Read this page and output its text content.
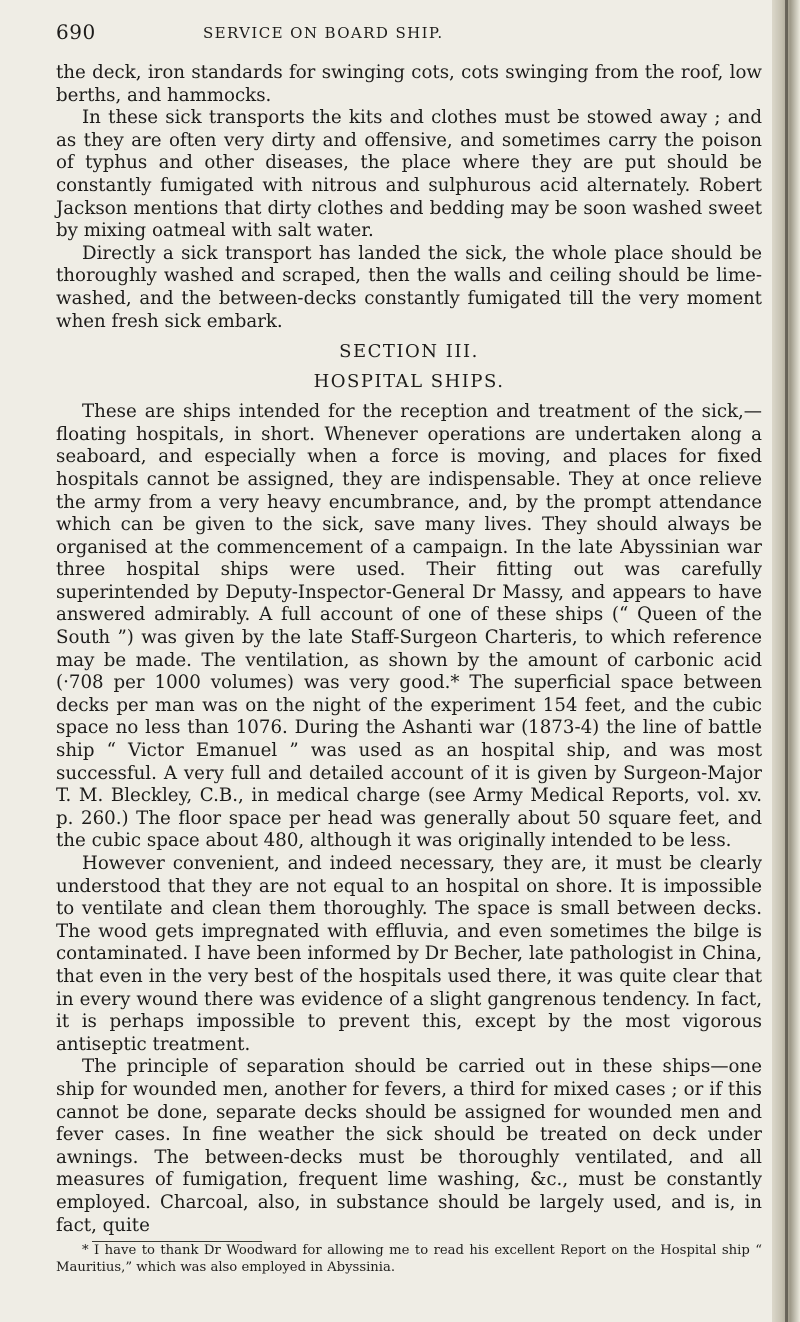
690	SERVICE ON BOARD SHIP.

the deck, iron standards for swinging cots, cots swinging from the roof, low berths, and hammocks.

In these sick transports the kits and clothes must be stowed away ; and as they are often very dirty and offensive, and sometimes carry the poison of typhus and other diseases, the place where they are put should be constantly fumigated with nitrous and sulphurous acid alternately. Robert Jackson mentions that dirty clothes and bedding may be soon washed sweet by mixing oatmeal with salt water.

Directly a sick transport has landed the sick, the whole place should be thoroughly washed and scraped, then the walls and ceiling should be lime-washed, and the between-decks constantly fumigated till the very moment when fresh sick embark.

SECTION III.
HOSPITAL SHIPS.

These are ships intended for the reception and treatment of the sick,—floating hospitals, in short. Whenever operations are undertaken along a seaboard, and especially when a force is moving, and places for fixed hospitals cannot be assigned, they are indispensable. They at once relieve the army from a very heavy encumbrance, and, by the prompt attendance which can be given to the sick, save many lives. They should always be organised at the commencement of a campaign. In the late Abyssinian war three hospital ships were used. Their fitting out was carefully superintended by Deputy-Inspector-General Dr Massy, and appears to have answered admirably. A full account of one of these ships (“ Queen of the South ”) was given by the late Staff-Surgeon Charteris, to which reference may be made. The ventilation, as shown by the amount of carbonic acid (·708 per 1000 volumes) was very good.* The superficial space between decks per man was on the night of the experiment 154 feet, and the cubic space no less than 1076. During the Ashanti war (1873-4) the line of battle ship “ Victor Emanuel ” was used as an hospital ship, and was most successful. A very full and detailed account of it is given by Surgeon-Major T. M. Bleckley, C.B., in medical charge (see Army Medical Reports, vol. xv. p. 260.) The floor space per head was generally about 50 square feet, and the cubic space about 480, although it was originally intended to be less.

However convenient, and indeed necessary, they are, it must be clearly understood that they are not equal to an hospital on shore. It is impossible to ventilate and clean them thoroughly. The space is small between decks. The wood gets impregnated with effluvia, and even sometimes the bilge is contaminated. I have been informed by Dr Becher, late pathologist in China, that even in the very best of the hospitals used there, it was quite clear that in every wound there was evidence of a slight gangrenous tendency. In fact, it is perhaps impossible to prevent this, except by the most vigorous antiseptic treatment.

The principle of separation should be carried out in these ships—one ship for wounded men, another for fevers, a third for mixed cases ; or if this cannot be done, separate decks should be assigned for wounded men and fever cases. In fine weather the sick should be treated on deck under awnings. The between-decks must be thoroughly ventilated, and all measures of fumigation, frequent lime washing, &c., must be constantly employed. Charcoal, also, in substance should be largely used, and is, in fact, quite

* I have to thank Dr Woodward for allowing me to read his excellent Report on the Hospital ship “ Mauritius,” which was also employed in Abyssinia.
